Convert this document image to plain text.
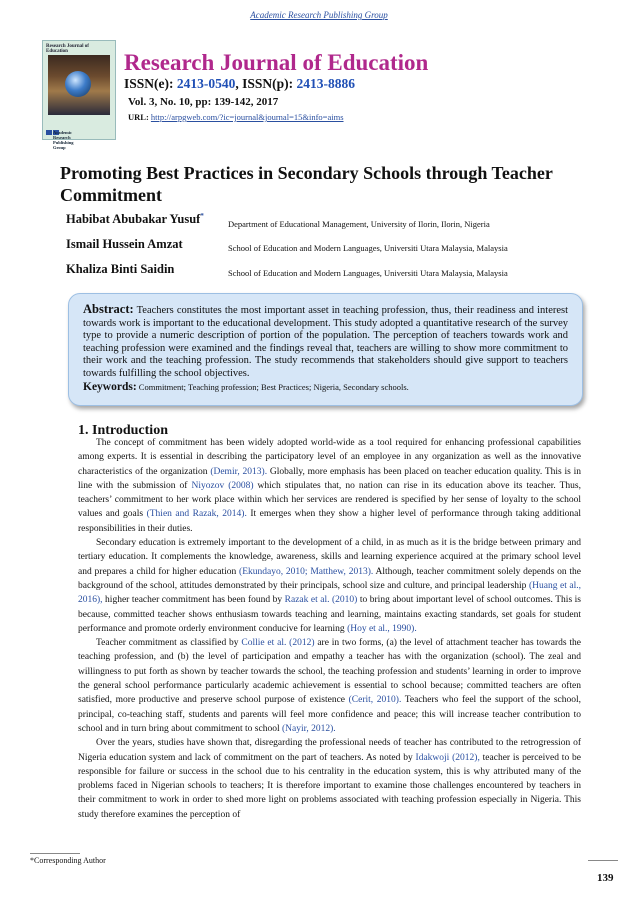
Academic Research Publishing Group
Research Journal of Education
Academic Research Publishing Group
Research Journal of Education
ISSN(e): 2413-0540, ISSN(p): 2413-8886
Vol. 3, No. 10, pp: 139-142, 2017
URL: http://arpgweb.com/?ic=journal&journal=15&info=aims
Promoting Best Practices in Secondary Schools through Teacher Commitment
Habibat Abubakar Yusuf*
Department of Educational Management, University of Ilorin, Ilorin, Nigeria
Ismail Hussein Amzat	School of Education and Modern Languages, Universiti Utara Malaysia, Malaysia
Khaliza Binti Saidin	School of Education and Modern Languages, Universiti Utara Malaysia, Malaysia
Abstract: Teachers constitutes the most important asset in teaching profession, thus, their readiness and interest towards work is important to the educational development. This study adopted a quantitative research of the survey type to provide a numeric description of portion of the population. The perception of teachers towards work and teaching profession were examined and the findings reveal that, teachers are willing to show more commitment to their work and the teaching profession. The study recommends that stakeholders should give support to teachers towards fulfilling the school objectives.
Keywords: Commitment; Teaching profession; Best Practices; Nigeria, Secondary schools.
1. Introduction

The concept of commitment has been widely adopted world-wide as a tool required for enhancing professional capabilities among experts. It is essential in describing the participatory level of an employee in any organization as well as the innovative characteristics of the organization (Demir, 2013). Globally, more emphasis has been placed on teacher education quality. This is in line with the submission of Niyozov (2008) which stipulates that, no nation can rise in its education above its teacher. Thus, teachers’ commitment to her work place within which her services are rendered is specified by her sense of loyalty to the school values and goals (Thien and Razak, 2014). It emerges when they show a higher level of performance through taking additional responsibilities in their duties.

Secondary education is extremely important to the development of a child, in as much as it is the bridge between primary and tertiary education. It complements the knowledge, awareness, skills and learning experience acquired at the primary school level and prepares a child for higher education (Ekundayo, 2010; Matthew, 2013). Although, teacher commitment solely depends on the background of the school, attitudes demonstrated by their principals, school size and culture, and principal leadership (Huang et al., 2016), higher teacher commitment has been found by Razak et al. (2010) to bring about important level of school outcomes. This is because, committed teacher shows enthusiasm towards teaching and learning, maintains exacting standards, set goals for student performance and promote orderly environment conducive for learning (Hoy et al., 1990).

Teacher commitment as classified by Collie et al. (2012) are in two forms, (a) the level of attachment teacher has towards the teaching profession, and (b) the level of participation and empathy a teacher has with the organization (school). The zeal and willingness to put forth as shown by teacher towards the school, the teaching profession and students’ learning in order to improve the general school performance particularly academic achievement is essential to school because; committed teachers are often satisfied, more productive and preserve school purpose of existence (Cerit, 2010). Teachers who feel the support of the school, principal, co-teaching staff, students and parents will feel more confidence and peace; this will increase teacher contribution to school and in turn bring about commitment to school (Nayir, 2012).

Over the years, studies have shown that, disregarding the professional needs of teacher has contributed to the retrogression of Nigeria education system and lack of commitment on the part of teachers. As noted by Idakwoji (2012), teacher is perceived to be responsible for failure or success in the school due to his centrality in the education system, this is why attributed many of the problems faced in Nigerian schools to teachers; It is therefore important to examine those challenges encountered by teachers in their commitment to work in order to shed more light on problems associated with teaching profession especially in Nigeria. This study therefore examines the perception of

*Corresponding Author
139
